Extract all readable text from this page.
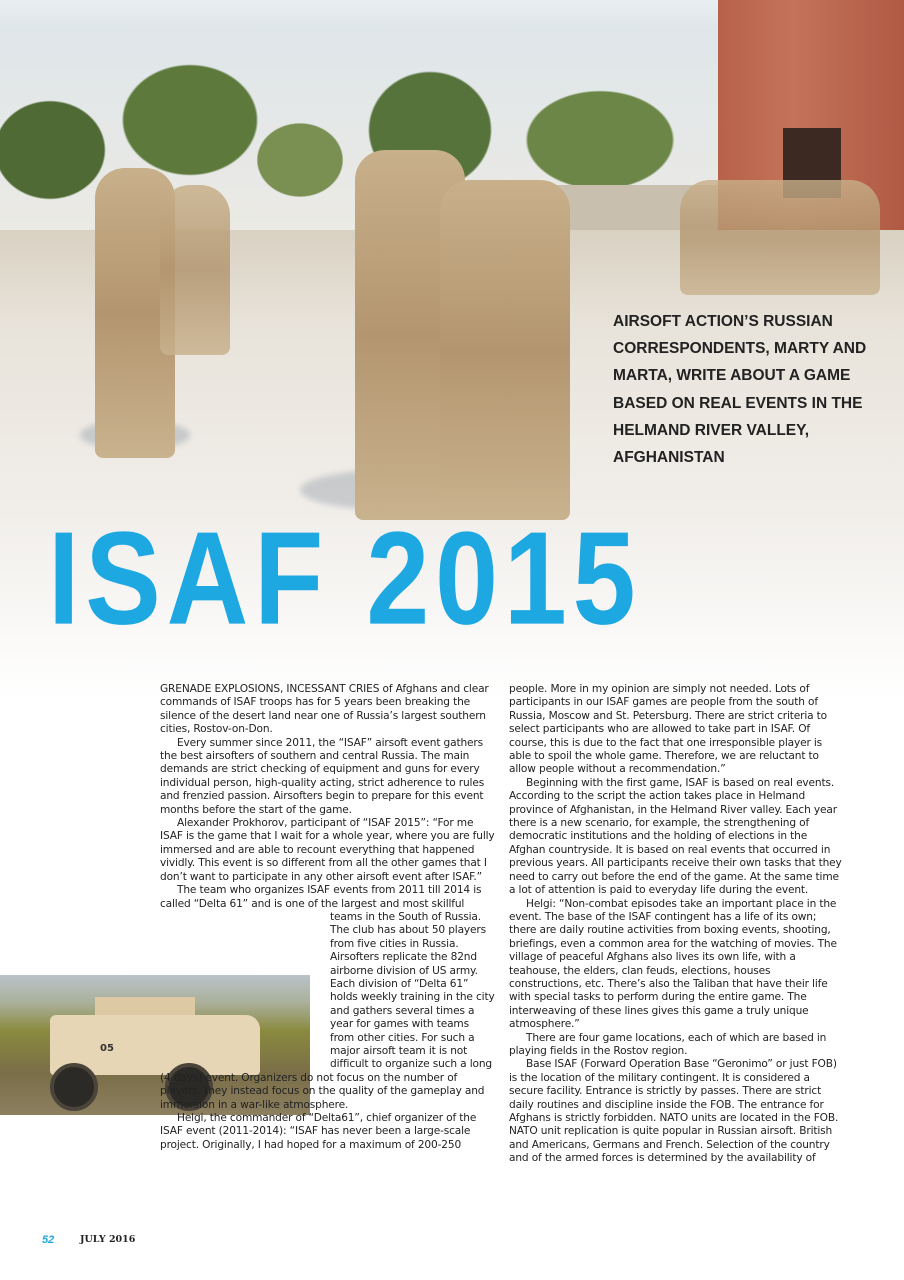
ISAF 2015
AIRSOFT ACTION’S RUSSIAN CORRESPONDENTS, MARTY AND MARTA, WRITE ABOUT A GAME BASED ON REAL EVENTS IN THE HELMAND RIVER VALLEY, AFGHANISTAN
05

GRENADE EXPLOSIONS, INCESSANT CRIES of Afghans and clear commands of ISAF troops has for 5 years been breaking the silence of the desert land near one of Russia’s largest southern cities, Rostov-on-Don.

Every summer since 2011, the “ISAF” airsoft event gathers the best airsofters of southern and central Russia. The main demands are strict checking of equipment and guns for every individual person, high-quality acting, strict adherence to rules and frenzied passion. Airsofters begin to prepare for this event months before the start of the game.

Alexander Prokhorov, participant of “ISAF 2015”: “For me ISAF is the game that I wait for a whole year, where you are fully immersed and are able to recount everything that happened vividly. This event is so different from all the other games that I don’t want to participate in any other airsoft event after ISAF.”

The team who organizes ISAF events from 2011 till 2014 is called “Delta 61” and is one of the largest and most skillful teams in the South of Russia. The club has about 50 players from five cities in Russia. Airsofters replicate the 82nd airborne division of US army. Each division of “Delta 61” holds weekly training in the city and gathers several times a year for games with teams from other cities. For such a major airsoft team it is not difficult to organize such a long (4 days) event. Organizers do not focus on the number of players, they instead focus on the quality of the gameplay and immersion in a war-like atmosphere.

Helgi, the commander of “Delta61”, chief organizer of the ISAF event (2011-2014): “ISAF has never been a large-scale project. Originally, I had hoped for a maximum of 200-250

people. More in my opinion are simply not needed. Lots of participants in our ISAF games are people from the south of Russia, Moscow and St. Petersburg. There are strict criteria to select participants who are allowed to take part in ISAF. Of course, this is due to the fact that one irresponsible player is able to spoil the whole game. Therefore, we are reluctant to allow people without a recommendation.”

Beginning with the first game, ISAF is based on real events. According to the script the action takes place in Helmand province of Afghanistan, in the Helmand River valley. Each year there is a new scenario, for example, the strengthening of democratic institutions and the holding of elections in the Afghan countryside. It is based on real events that occurred in previous years. All participants receive their own tasks that they need to carry out before the end of the game. At the same time a lot of attention is paid to everyday life during the event.

Helgi: “Non-combat episodes take an important place in the event. The base of the ISAF contingent has a life of its own; there are daily routine activities from boxing events, shooting, briefings, even a common area for the watching of movies. The village of peaceful Afghans also lives its own life, with a teahouse, the elders, clan feuds, elections, houses constructions, etc. There’s also the Taliban that have their life with special tasks to perform during the entire game. The interweaving of these lines gives this game a truly unique atmosphere.”

There are four game locations, each of which are based in playing fields in the Rostov region.

Base ISAF (Forward Operation Base “Geronimo” or just FOB) is the location of the military contingent. It is considered a secure facility. Entrance is strictly by passes. There are strict daily routines and discipline inside the FOB. The entrance for Afghans is strictly forbidden. NATO units are located in the FOB. NATO unit replication is quite popular in Russian airsoft. British and Americans, Germans and French. Selection of the country and of the armed forces is determined by the availability of

52	JULY 2016
